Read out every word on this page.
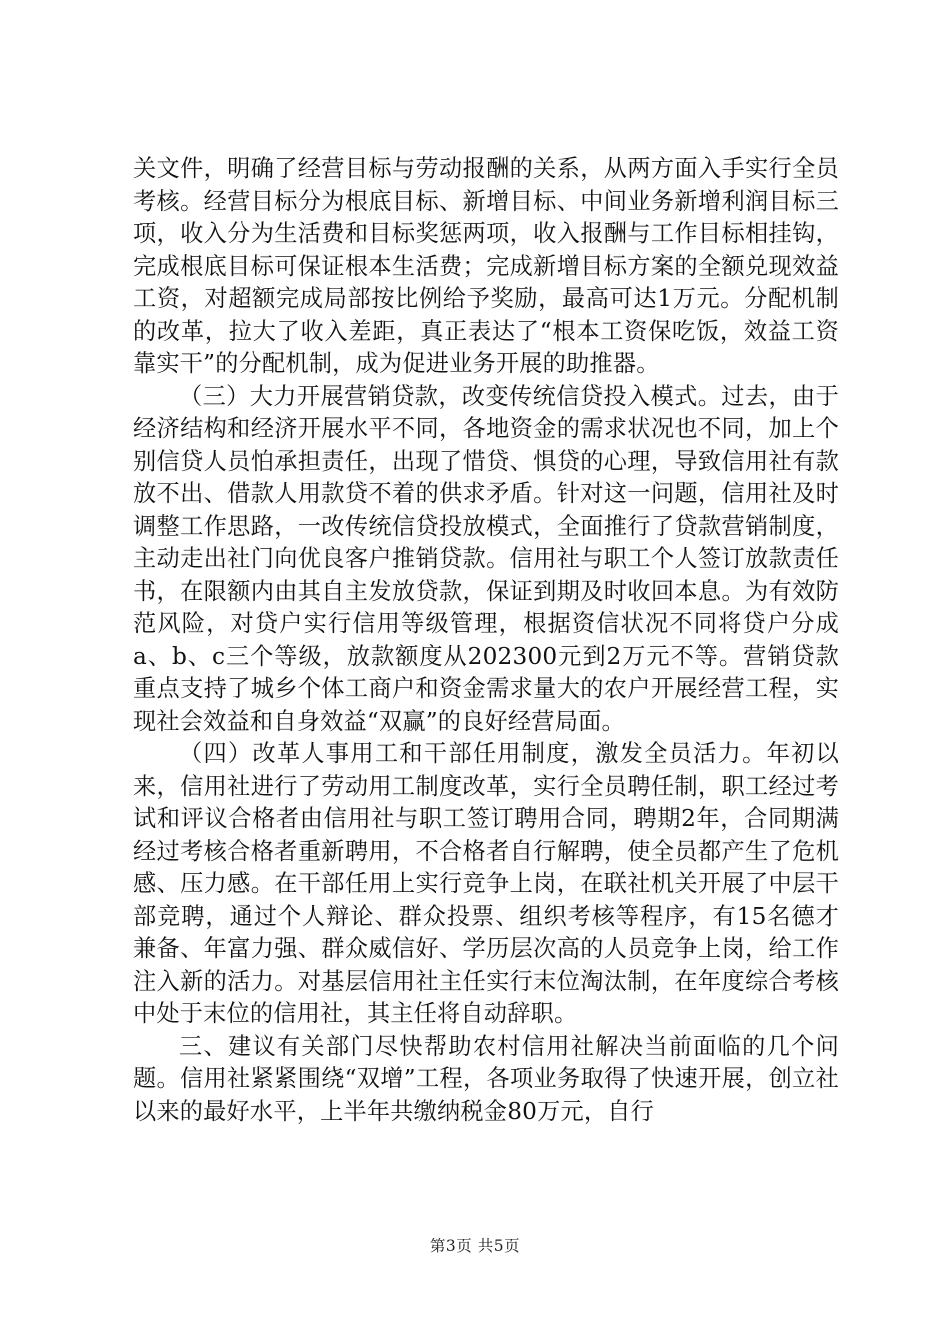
关文件，明确了经营目标与劳动报酬的关系，从两方面入手实行全员考核。经营目标分为根底目标、新增目标、中间业务新增利润目标三项，收入分为生活费和目标奖惩两项，收入报酬与工作目标相挂钩，完成根底目标可保证根本生活费；完成新增目标方案的全额兑现效益工资，对超额完成局部按比例给予奖励，最高可达1万元。分配机制的改革，拉大了收入差距，真正表达了“根本工资保吃饭，效益工资靠实干”的分配机制，成为促进业务开展的助推器。

（三）大力开展营销贷款，改变传统信贷投入模式。过去，由于经济结构和经济开展水平不同，各地资金的需求状况也不同，加上个别信贷人员怕承担责任，出现了惜贷、惧贷的心理，导致信用社有款放不出、借款人用款贷不着的供求矛盾。针对这一问题，信用社及时调整工作思路，一改传统信贷投放模式，全面推行了贷款营销制度，主动走出社门向优良客户推销贷款。信用社与职工个人签订放款责任书，在限额内由其自主发放贷款，保证到期及时收回本息。为有效防范风险，对贷户实行信用等级管理，根据资信状况不同将贷户分成a、b、c三个等级，放款额度从202300元到2万元不等。营销贷款重点支持了城乡个体工商户和资金需求量大的农户开展经营工程，实现社会效益和自身效益“双赢”的良好经营局面。

（四）改革人事用工和干部任用制度，激发全员活力。年初以来，信用社进行了劳动用工制度改革，实行全员聘任制，职工经过考试和评议合格者由信用社与职工签订聘用合同，聘期2年，合同期满经过考核合格者重新聘用，不合格者自行解聘，使全员都产生了危机感、压力感。在干部任用上实行竞争上岗，在联社机关开展了中层干部竞聘，通过个人辩论、群众投票、组织考核等程序，有15名德才兼备、年富力强、群众威信好、学历层次高的人员竞争上岗，给工作注入新的活力。对基层信用社主任实行末位淘汰制，在年度综合考核中处于末位的信用社，其主任将自动辞职。

三、建议有关部门尽快帮助农村信用社解决当前面临的几个问题。信用社紧紧围绕“双增”工程，各项业务取得了快速开展，创立社以来的最好水平，上半年共缴纳税金80万元，自行

第3页 共5页
